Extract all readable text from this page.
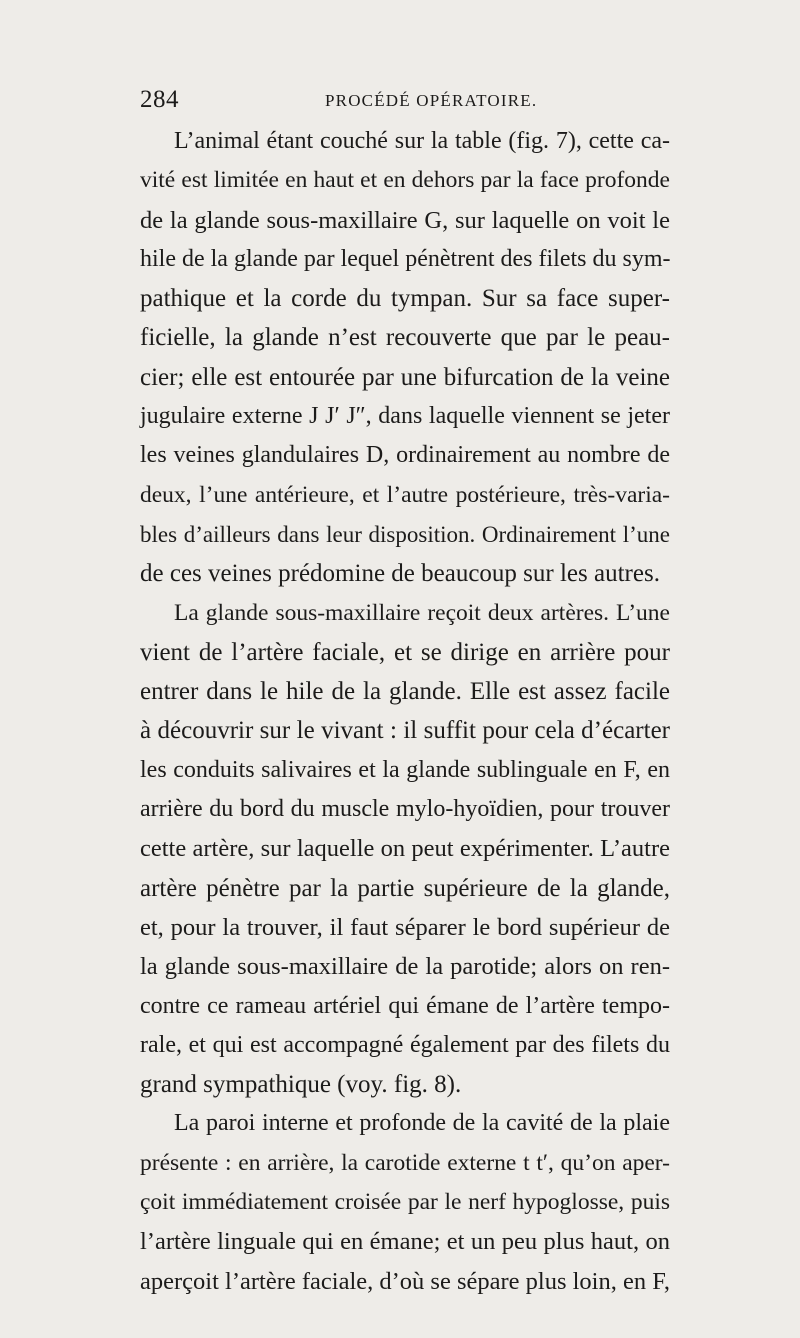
284	PROCÉDÉ OPÉRATOIRE.
L’animal étant couché sur la table (fig. 7), cette ca-
vité est limitée en haut et en dehors par la face profonde
de la glande sous-maxillaire G, sur laquelle on voit le
hile de la glande par lequel pénètrent des filets du sym-
pathique et la corde du tympan. Sur sa face super-
ficielle, la glande n’est recouverte que par le peau-
cier; elle est entourée par une bifurcation de la veine
jugulaire externe J J′ J″, dans laquelle viennent se jeter
les veines glandulaires D, ordinairement au nombre de
deux, l’une antérieure, et l’autre postérieure, très-varia-
bles d’ailleurs dans leur disposition. Ordinairement l’une
de ces veines prédomine de beaucoup sur les autres.
La glande sous-maxillaire reçoit deux artères. L’une
vient de l’artère faciale, et se dirige en arrière pour
entrer dans le hile de la glande. Elle est assez facile
à découvrir sur le vivant : il suffit pour cela d’écarter
les conduits salivaires et la glande sublinguale en F, en
arrière du bord du muscle mylo-hyoïdien, pour trouver
cette artère, sur laquelle on peut expérimenter. L’autre
artère pénètre par la partie supérieure de la glande,
et, pour la trouver, il faut séparer le bord supérieur de
la glande sous-maxillaire de la parotide; alors on ren-
contre ce rameau artériel qui émane de l’artère tempo-
rale, et qui est accompagné également par des filets du
grand sympathique (voy. fig. 8).
La paroi interne et profonde de la cavité de la plaie
présente : en arrière, la carotide externe t t′, qu’on aper-
çoit immédiatement croisée par le nerf hypoglosse, puis
l’artère linguale qui en émane; et un peu plus haut, on
aperçoit l’artère faciale, d’où se sépare plus loin, en F,
